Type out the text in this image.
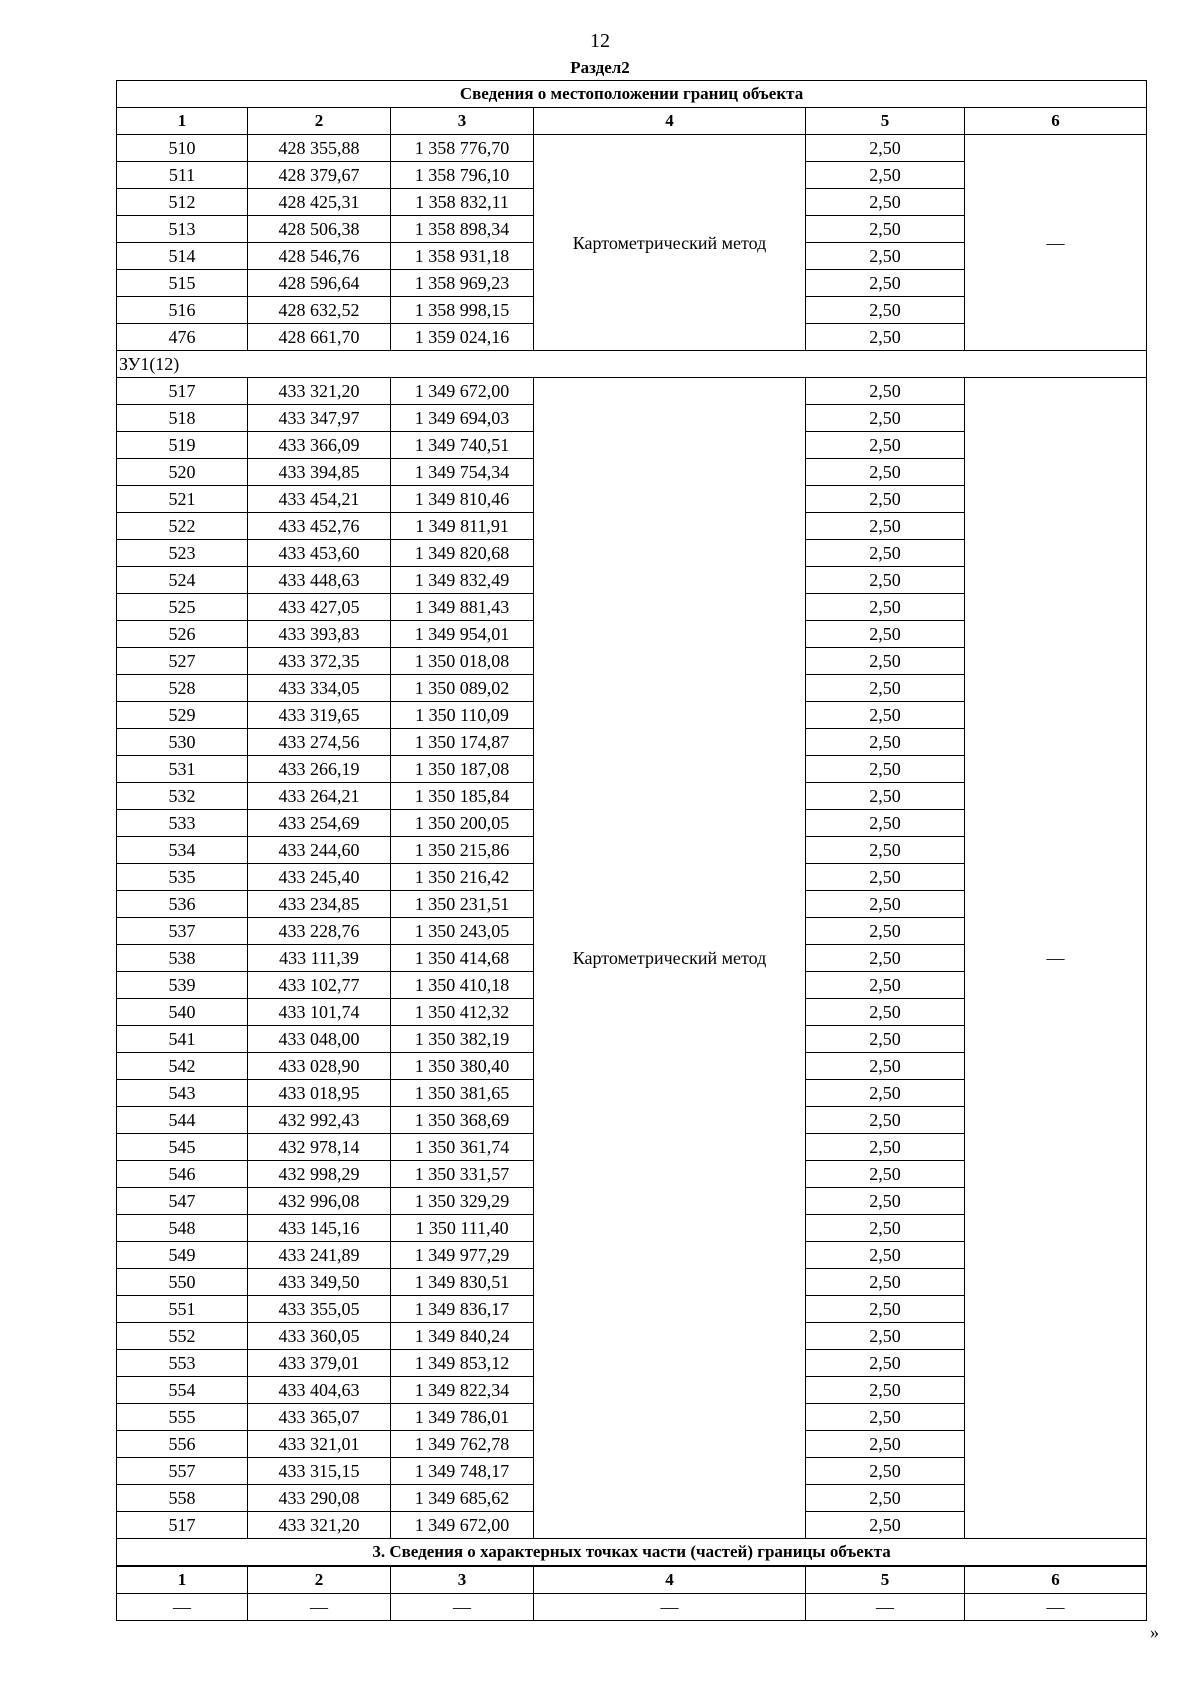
12
Раздел2
Сведения о местоположении границ объекта					
1	2	3	4	5	6
510	428 355,88	1 358 776,70	Картометрический метод	2,50	—
511	428 379,67	1 358 796,10		2,50	
512	428 425,31	1 358 832,11		2,50	
513	428 506,38	1 358 898,34		2,50	
514	428 546,76	1 358 931,18		2,50	
515	428 596,64	1 358 969,23		2,50	
516	428 632,52	1 358 998,15		2,50	
476	428 661,70	1 359 024,16		2,50	
ЗУ1(12)					
517	433 321,20	1 349 672,00	Картометрический метод	2,50	—
518	433 347,97	1 349 694,03		2,50	
519	433 366,09	1 349 740,51		2,50	
520	433 394,85	1 349 754,34		2,50	
521	433 454,21	1 349 810,46		2,50	
522	433 452,76	1 349 811,91		2,50	
523	433 453,60	1 349 820,68		2,50	
524	433 448,63	1 349 832,49		2,50	
525	433 427,05	1 349 881,43		2,50	
526	433 393,83	1 349 954,01		2,50	
527	433 372,35	1 350 018,08		2,50	
528	433 334,05	1 350 089,02		2,50	
529	433 319,65	1 350 110,09		2,50	
530	433 274,56	1 350 174,87		2,50	
531	433 266,19	1 350 187,08		2,50	
532	433 264,21	1 350 185,84		2,50	
533	433 254,69	1 350 200,05		2,50	
534	433 244,60	1 350 215,86		2,50	
535	433 245,40	1 350 216,42		2,50	
536	433 234,85	1 350 231,51		2,50	
537	433 228,76	1 350 243,05		2,50	
538	433 111,39	1 350 414,68		2,50	
539	433 102,77	1 350 410,18		2,50	
540	433 101,74	1 350 412,32		2,50	
541	433 048,00	1 350 382,19		2,50	
542	433 028,90	1 350 380,40		2,50	
543	433 018,95	1 350 381,65		2,50	
544	432 992,43	1 350 368,69		2,50	
545	432 978,14	1 350 361,74		2,50	
546	432 998,29	1 350 331,57		2,50	
547	432 996,08	1 350 329,29		2,50	
548	433 145,16	1 350 111,40		2,50	
549	433 241,89	1 349 977,29		2,50	
550	433 349,50	1 349 830,51		2,50	
551	433 355,05	1 349 836,17		2,50	
552	433 360,05	1 349 840,24		2,50	
553	433 379,01	1 349 853,12		2,50	
554	433 404,63	1 349 822,34		2,50	
555	433 365,07	1 349 786,01		2,50	
556	433 321,01	1 349 762,78		2,50	
557	433 315,15	1 349 748,17		2,50	
558	433 290,08	1 349 685,62		2,50	
517	433 321,20	1 349 672,00		2,50	
3. Сведения о характерных точках части (частей) границы объекта					
1	2	3	4	5	6
—	—	—	—	—	—
»
